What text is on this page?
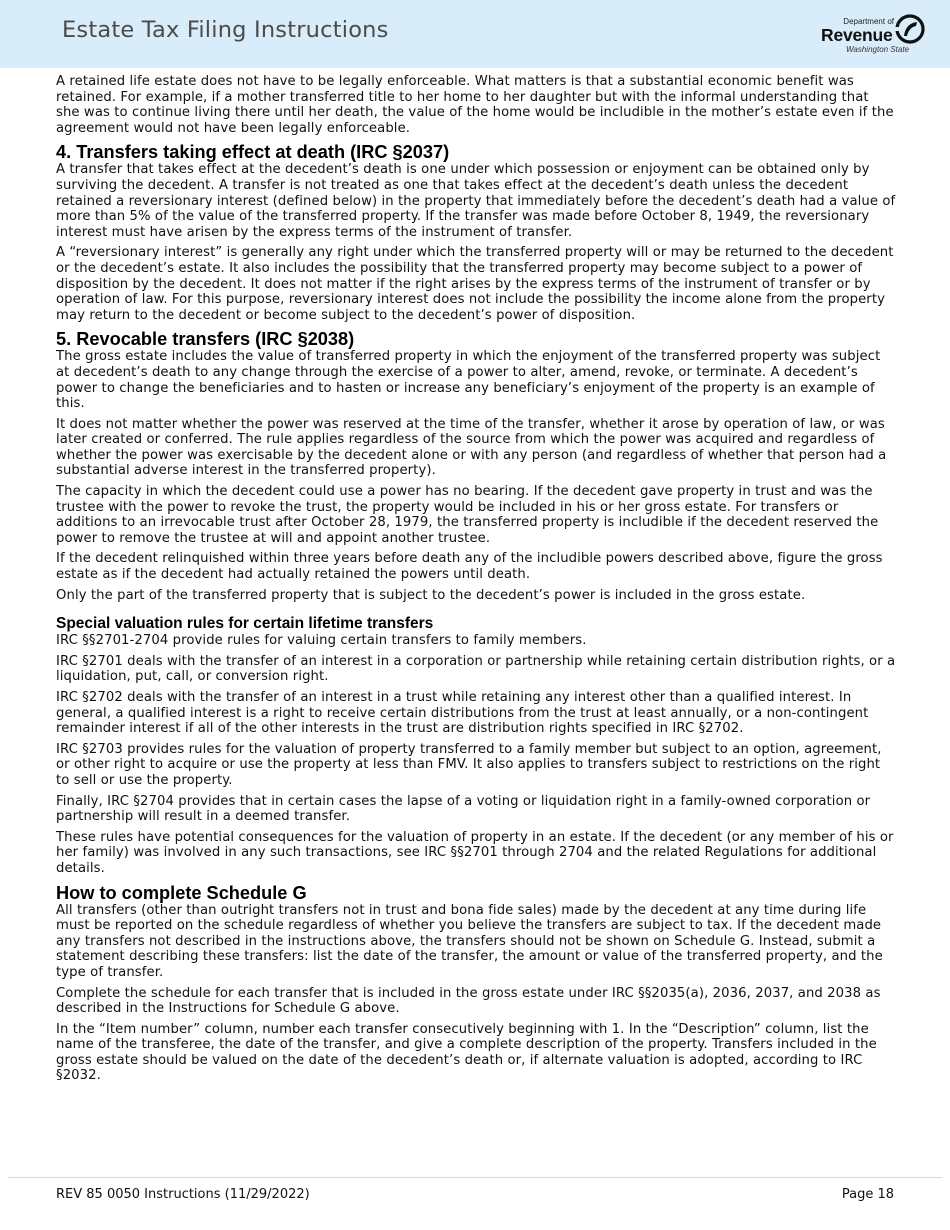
Estate Tax Filing Instructions	Department of
Revenue
Washington State

A retained life estate does not have to be legally enforceable. What matters is that a substantial economic benefit was retained. For example, if a mother transferred title to her home to her daughter but with the informal understanding that she was to continue living there until her death, the value of the home would be includible in the mother’s estate even if the agreement would not have been legally enforceable.

4. Transfers taking effect at death (IRC §2037)

A transfer that takes effect at the decedent’s death is one under which possession or enjoyment can be obtained only by surviving the decedent. A transfer is not treated as one that takes effect at the decedent’s death unless the decedent retained a reversionary interest (defined below) in the property that immediately before the decedent’s death had a value of more than 5% of the value of the transferred property. If the transfer was made before October 8, 1949, the reversionary interest must have arisen by the express terms of the instrument of transfer.

A “reversionary interest” is generally any right under which the transferred property will or may be returned to the decedent or the decedent’s estate. It also includes the possibility that the transferred property may become subject to a power of disposition by the decedent. It does not matter if the right arises by the express terms of the instrument of transfer or by operation of law. For this purpose, reversionary interest does not include the possibility the income alone from the property may return to the decedent or become subject to the decedent’s power of disposition.

5. Revocable transfers (IRC §2038)

The gross estate includes the value of transferred property in which the enjoyment of the transferred property was subject at decedent’s death to any change through the exercise of a power to alter, amend, revoke, or terminate. A decedent’s power to change the beneficiaries and to hasten or increase any beneficiary’s enjoyment of the property is an example of this.

It does not matter whether the power was reserved at the time of the transfer, whether it arose by operation of law, or was later created or conferred. The rule applies regardless of the source from which the power was acquired and regardless of whether the power was exercisable by the decedent alone or with any person (and regardless of whether that person had a substantial adverse interest in the transferred property).

The capacity in which the decedent could use a power has no bearing. If the decedent gave property in trust and was the trustee with the power to revoke the trust, the property would be included in his or her gross estate. For transfers or additions to an irrevocable trust after October 28, 1979, the transferred property is includible if the decedent reserved the power to remove the trustee at will and appoint another trustee.

If the decedent relinquished within three years before death any of the includible powers described above, figure the gross estate as if the decedent had actually retained the powers until death.

Only the part of the transferred property that is subject to the decedent’s power is included in the gross estate.

Special valuation rules for certain lifetime transfers

IRC §§2701-2704 provide rules for valuing certain transfers to family members.

IRC §2701 deals with the transfer of an interest in a corporation or partnership while retaining certain distribution rights, or a liquidation, put, call, or conversion right.

IRC §2702 deals with the transfer of an interest in a trust while retaining any interest other than a qualified interest. In general, a qualified interest is a right to receive certain distributions from the trust at least annually, or a non-contingent remainder interest if all of the other interests in the trust are distribution rights specified in IRC §2702.

IRC §2703 provides rules for the valuation of property transferred to a family member but subject to an option, agreement, or other right to acquire or use the property at less than FMV. It also applies to transfers subject to restrictions on the right to sell or use the property.

Finally, IRC §2704 provides that in certain cases the lapse of a voting or liquidation right in a family-owned corporation or partnership will result in a deemed transfer.

These rules have potential consequences for the valuation of property in an estate. If the decedent (or any member of his or her family) was involved in any such transactions, see IRC §§2701 through 2704 and the related Regulations for additional details.

How to complete Schedule G

All transfers (other than outright transfers not in trust and bona fide sales) made by the decedent at any time during life must be reported on the schedule regardless of whether you believe the transfers are subject to tax. If the decedent made any transfers not described in the instructions above, the transfers should not be shown on Schedule G. Instead, submit a statement describing these transfers: list the date of the transfer, the amount or value of the transferred property, and the type of transfer.

Complete the schedule for each transfer that is included in the gross estate under IRC §§2035(a), 2036, 2037, and 2038 as described in the Instructions for Schedule G above.

In the “Item number” column, number each transfer consecutively beginning with 1. In the “Description” column, list the name of the transferee, the date of the transfer, and give a complete description of the property. Transfers included in the gross estate should be valued on the date of the decedent’s death or, if alternate valuation is adopted, according to IRC §2032.

REV 85 0050 Instructions (11/29/2022)	Page 18
